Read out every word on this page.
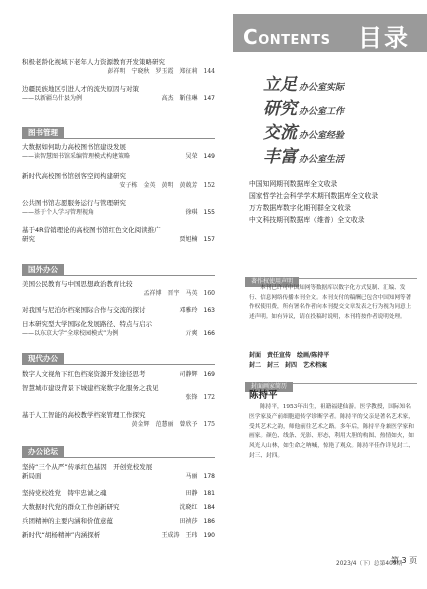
积极老龄化视域下老年人力资源教育开发策略研究
彭祥明　宁晓秋　罗玉霞　郑征莉 144
边疆民族地区引进人才的流失原因与对策
——以新疆乌什县为例	高杰　靳佳琳 147
图书管理
大数据如何助力高校图书馆建设发展
——读智慧图书馆采编管理模式构建策略	吴荣 149
新时代高校图书馆创客空间构建研究
安子栋　金英　黄明　黄兢芳 152
公共图书馆志愿服务运行与管理研究
——基于个人学习管理视角	徐琪 155
基于4R营销理论的高校图书馆红色文化阅读推广
研究	贾旭楠 157
国外办公
美国公民教育与中国思想政治教育比较
孟祥博　晋宇　马英 160
对我国与尼泊尔档案国际合作与交流的探讨	邓雅玲 163
日本研究型大学国际化发展路径、特点与启示
——以东京大学“全球校园模式”为例	亓爽 166
现代办公
数字人文视角下红色档案资源开发途径思考	司静辉 169
智慧城市建设背景下城建档案数字化服务之我见
张锋 172
基于人工智能的高校教学档案管理工作探究
黄金辉　范慧丽　曾欣予 175
办公论坛
坚持“三个从严”传承红色基因　开创党校发展
新局面	马丽 178
坚持党校姓党　铸牢忠诚之魂	田静 181
大数据时代党的群众工作创新研究	沈晓红 184
兵团精神的主要内涵和价值意蕴	田祯莎 186
新时代“胡杨精神”内涵探析	王成涛　王玮 190
CONTENTS 目录
立足 办公室实际
研究 办公室工作
交流 办公室经验
丰富 办公室生活
中国知网期刊数据库全文收录
国家哲学社会科学学术期刊数据库全文收录
万方数据库数字化期刊群全文收录
中文科技期刊数据库（维普）全文收录
著作权使用声明
本刊已许可中国知网等数据库以数字化方式复制、汇编、发行、信息网络传播本刊全文。本刊支付的稿酬已包含中国知网等著作权使用费，所有署名作者向本刊提交文章发表之行为视为同意上述声明。如有异议，请在投稿时说明，本刊将按作者说明处理。
封面　责任宣传　绘画/陈持平
封二　封三　封四　艺术档案
封面画家简历
陈持平
陈持平，1953年出生，祖籍福建仙游。医学教授，国际知名医学家及产前细胞遗传学诊断学者。陈持平的父亲是著名艺术家，受其艺术之韵，师他前往艺术之路。多年后，陈持平身兼医学家和画家。颜色、线条、光影、形态，利用大胆的构图、热情如火，如风光人山林，如生命之呐喊，惊艳了观众。陈持平佳作详见封二、封三、封四。
2023/4（下）总第409期
第 3 页
